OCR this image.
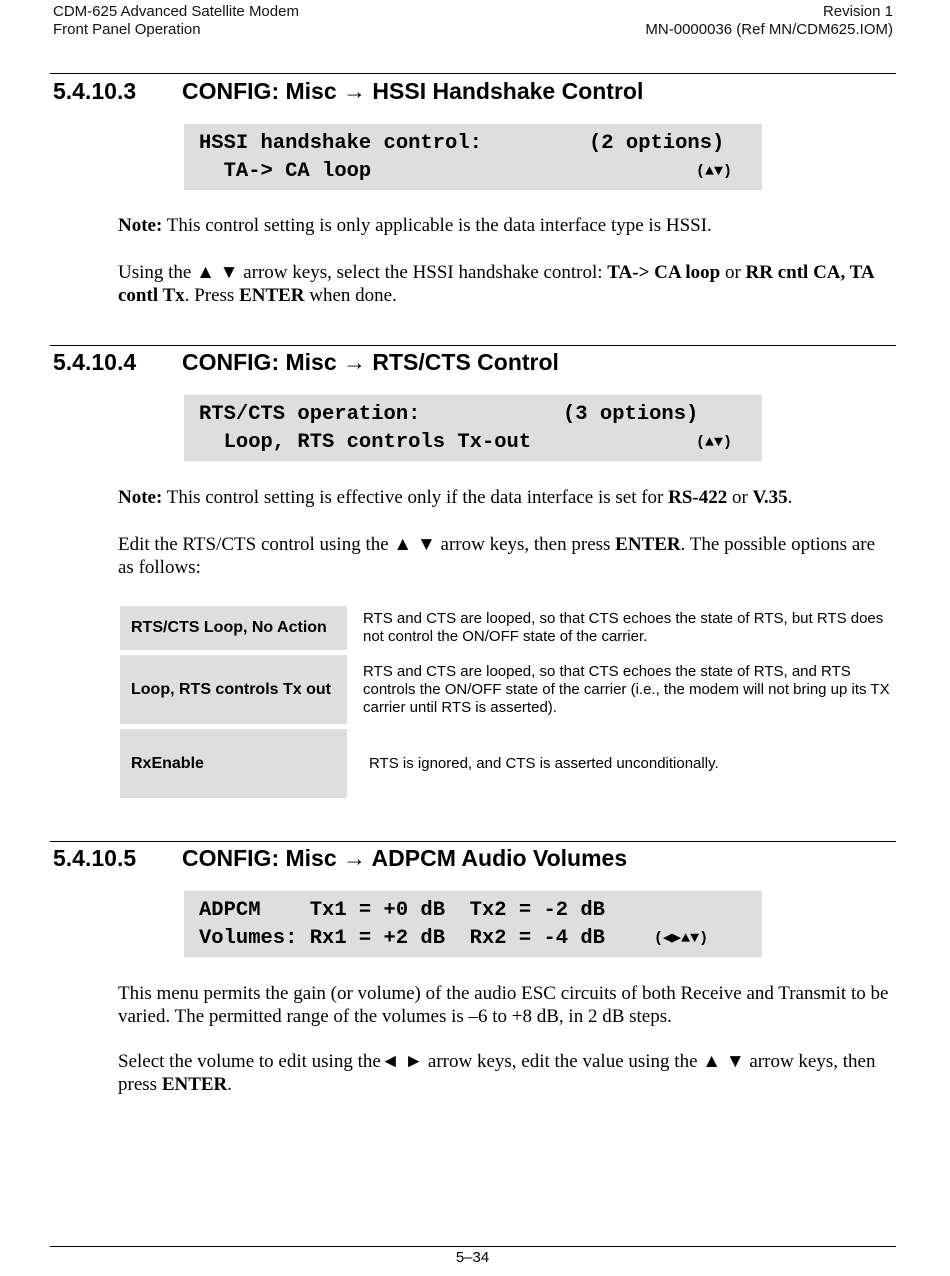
CDM-625 Advanced Satellite Modem
Front Panel Operation
Revision 1
MN-0000036 (Ref MN/CDM625.IOM)
5.4.10.3 CONFIG: Misc → HSSI Handshake Control
HSSI handshake control:	(2 options)
TA-> CA loop	(▲▼)
Note: This control setting is only applicable is the data interface type is HSSI.
Using the ▲ ▼ arrow keys, select the HSSI handshake control: TA-> CA loop or RR cntl CA, TA contl Tx. Press ENTER when done.
5.4.10.4 CONFIG: Misc → RTS/CTS Control
RTS/CTS operation:	(3 options)
Loop, RTS controls Tx-out	(▲▼)
Note: This control setting is effective only if the data interface is set for RS-422 or V.35.
Edit the RTS/CTS control using the ▲ ▼ arrow keys, then press ENTER. The possible options are as follows:
RTS/CTS Loop, No Action	RTS and CTS are looped, so that CTS echoes the state of RTS, but RTS does not control the ON/OFF state of the carrier.
Loop, RTS controls Tx out	RTS and CTS are looped, so that CTS echoes the state of RTS, and RTS controls the ON/OFF state of the carrier (i.e., the modem will not bring up its TX carrier until RTS is asserted).
RxEnable	RTS is ignored, and CTS is asserted unconditionally.
5.4.10.5 CONFIG: Misc → ADPCM Audio Volumes
ADPCM    Tx1 = +0 dB  Tx2 = -2 dB
Volumes: Rx1 = +2 dB  Rx2 = -4 dB	(◀▶▲▼)
This menu permits the gain (or volume) of the audio ESC circuits of both Receive and Transmit to be varied. The permitted range of the volumes is –6 to +8 dB, in 2 dB steps.
Select the volume to edit using the◄ ► arrow keys, edit the value using the ▲ ▼ arrow keys, then press ENTER.
5–34
